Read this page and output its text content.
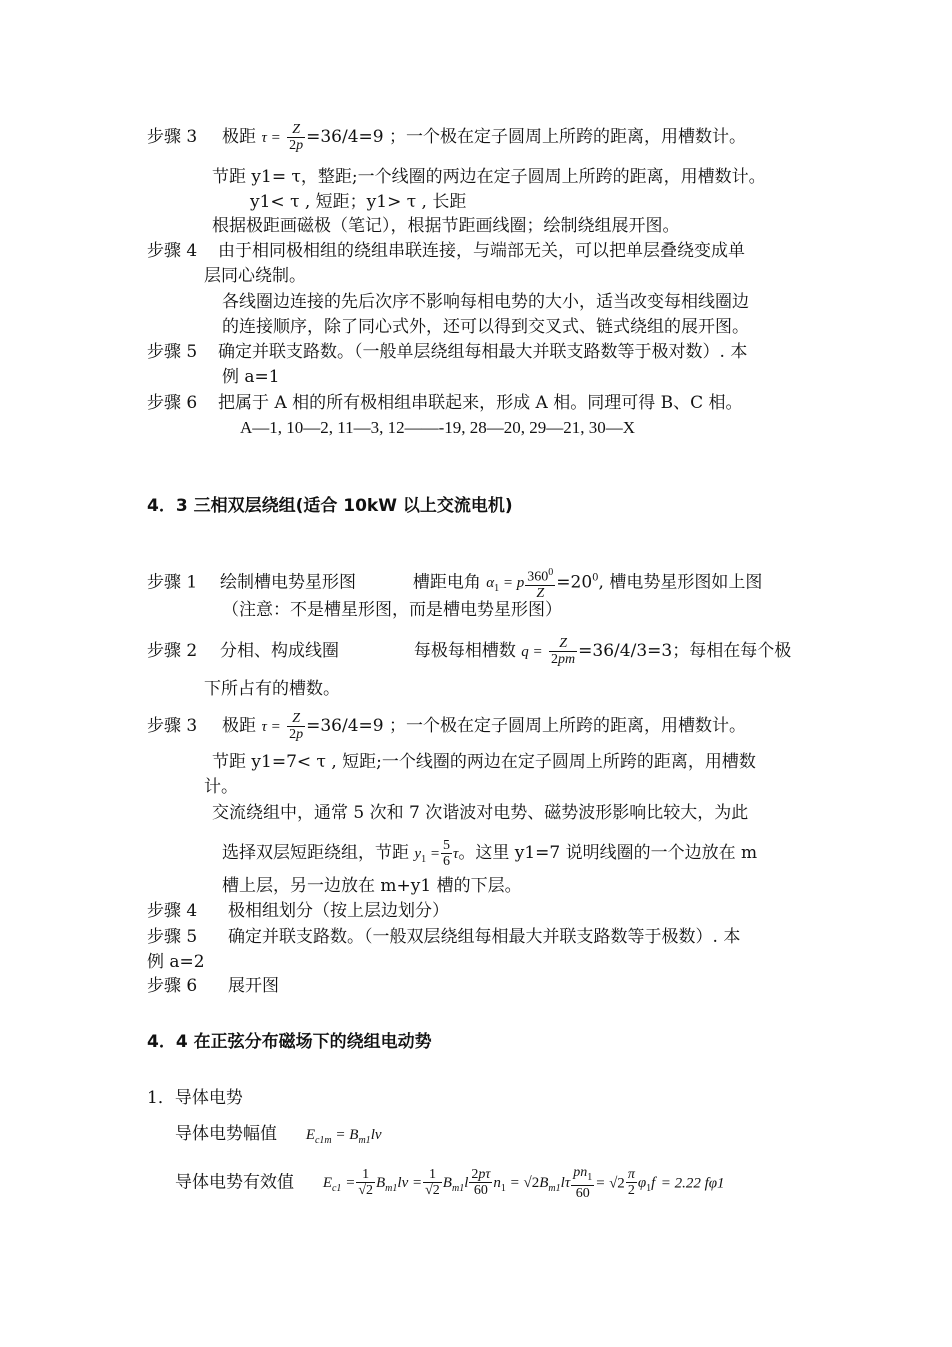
步骤 3 极距 $\tau = \frac{Z}{2p} =36/4=9$ ；一个极在定子圆周上所跨的距离，用槽数计。
节距 y1= τ，整距;一个线圈的两边在定子圆周上所跨的距离，用槽数计。
y1< τ , 短距；y1> τ , 长距
根据极距画磁极（笔记），根据节距画线圈；绘制绕组展开图。
步骤 4 由于相同极相组的绕组串联连接，与端部无关，可以把单层叠绕变成单
层同心绕制。
各线圈边连接的先后次序不影响每相电势的大小，适当改变每相线圈边
的连接顺序，除了同心式外，还可以得到交叉式、链式绕组的展开图。
步骤 5 确定并联支路数。（一般单层绕组每相最大并联支路数等于极对数）. 本
例 a=1
步骤 6 把属于 A 相的所有极相组串联起来，形成 A 相。同理可得 B、C 相。
A—1, 10—2, 11—3, 12——-19, 28—20, 29—21, 30—X
4．3 三相双层绕组(适合 10kW 以上交流电机)
步骤 1 绘制槽电势星形图	槽距电角 $\alpha_1 = p \frac{360^0}{Z} =20^0$, 槽电势星形图如上图
（注意：不是槽星形图，而是槽电势星形图）
步骤 2 分相、构成线圈	每极每相槽数 $q = \frac{Z}{2pm} =36/4/3=3$；每相在每个极
下所占有的槽数。
步骤 3 极距 $\tau = \frac{Z}{2p} =36/4=9$ ；一个极在定子圆周上所跨的距离，用槽数计。
节距 y1=7< τ , 短距;一个线圈的两边在定子圆周上所跨的距离，用槽数
计。
交流绕组中，通常 5 次和 7 次谐波对电势、磁势波形影响比较大，为此
选择双层短距绕组，节距 $y_1 = \frac{5}{6}$ τ。这里 y1=7 说明线圈的一个边放在 m
槽上层，另一边放在 m+y1 槽的下层。
步骤 4 极相组划分（按上层边划分）
步骤 5 确定并联支路数。（一般双层绕组每相最大并联支路数等于极数）. 本
例 a=2
步骤 6 展开图
4．4 在正弦分布磁场下的绕组电动势
1．导体电势
导体电势幅值 $E_{c1m} = B_{m1}lv$
导体电势有效值 $E_{c1} = \frac{1}{√2} B_{m1}lv = \frac{1}{√2} B_{m1}l \frac{2p\tau}{60} n_1 = √2B_{m1}l\tau \frac{pn_1}{60} = √2 \frac{\pi}{2} \varphi_1f = 2.22$ fφ1
